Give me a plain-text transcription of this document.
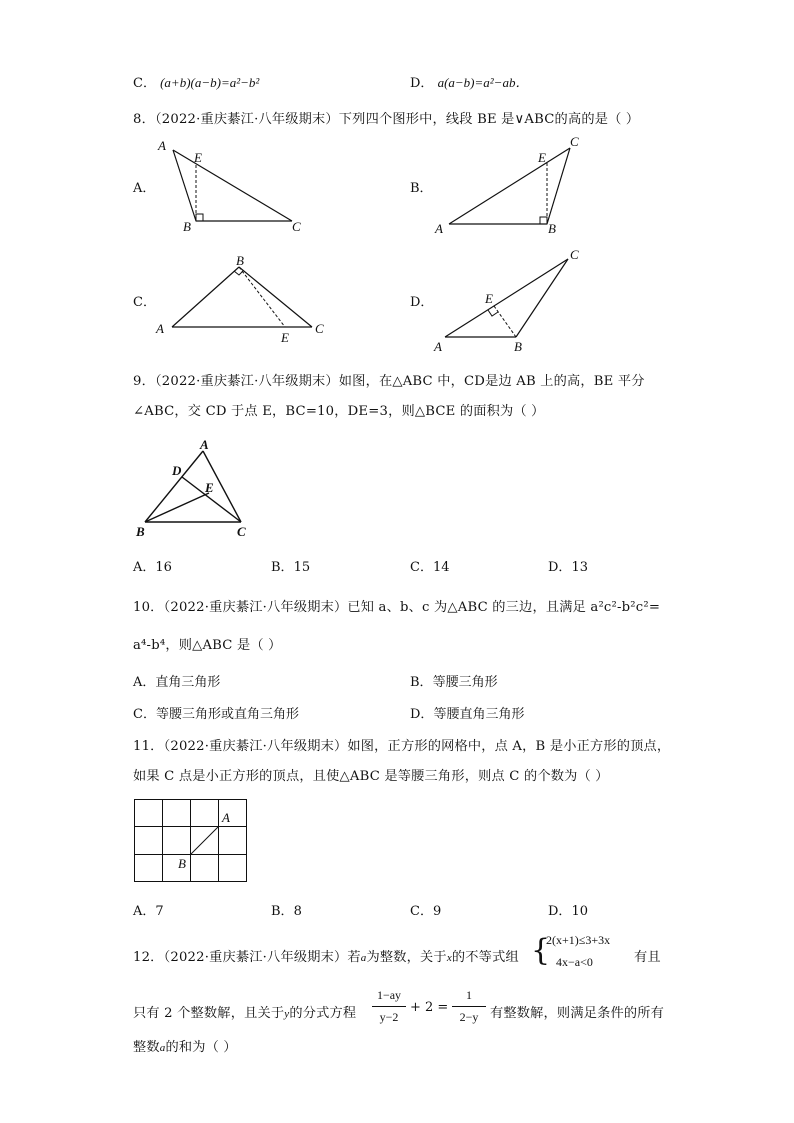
C． (a+b)(a−b)=a²−b²	D． a(a−b)=a²−ab．
8．（2022·重庆綦江·八年级期末）下列四个图形中，线段 BE 是∨ABC的高的是（ ）
A．
A
E
B	C
B．
A
E
B
C
C．
A
B
E
C
D．
A
E
B
C
9．（2022·重庆綦江·八年级期末）如图，在△ABC 中，CD是边 AB 上的高，BE 平分
∠ABC，交 CD 于点 E，BC=10，DE=3，则△BCE 的面积为（ ）
A
D
E
B	C
A．16	B．15	C．14	D．13
10．（2022·重庆綦江·八年级期末）已知 a、b、c 为△ABC 的三边，且满足 a²c²-b²c²=
a⁴-b⁴，则△ABC 是（ ）
A．直角三角形	B．等腰三角形
C．等腰三角形或直角三角形	D．等腰直角三角形
11．（2022·重庆綦江·八年级期末）如图，正方形的网格中，点 A，B 是小正方形的顶点，
如果 C 点是小正方形的顶点，且使△ABC 是等腰三角形，则点 C 的个数为（ ）
A
B
A．7	B．8	C．9	D．10
12．（2022·重庆綦江·八年级期末）若a为整数，关于x的不等式组 {
2(x+1)≤3+3x
4x−a<0	有且
只有 2 个整数解，且关于y的分式方程
1−ay
y−2
+ 2 =
1
2−y 有整数解，则满足条件的所有
整数a的和为（ ）
